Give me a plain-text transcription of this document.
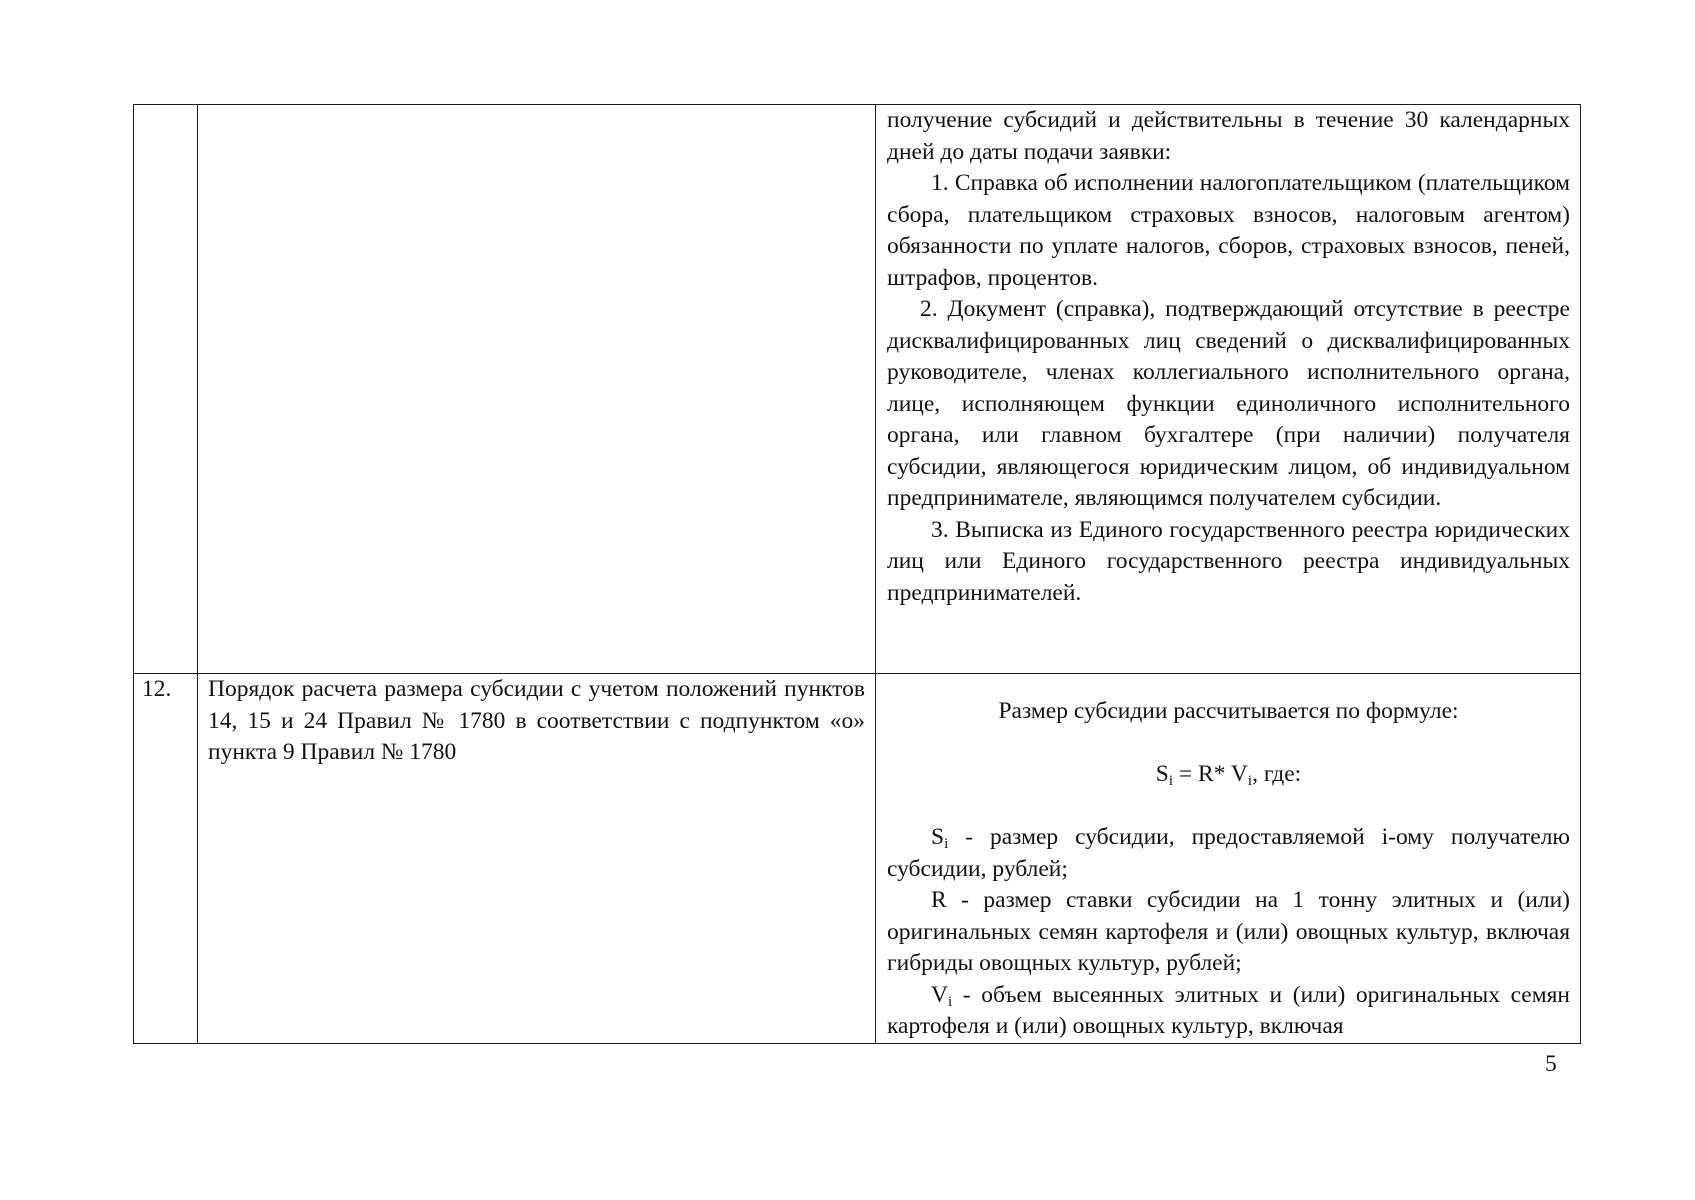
		получение субсидий и действительны в течение 30 календарных дней до даты подачи заявки:

1. Справка об исполнении налогоплательщиком (плательщиком сбора, плательщиком страховых взносов, налоговым агентом) обязанности по уплате налогов, сборов, страховых взносов, пеней, штрафов, процентов.

2. Документ (справка), подтверждающий отсутствие в реестре дисквалифицированных лиц сведений о дисквалифицированных руководителе, членах коллегиального исполнительного органа, лице, исполняющем функции единоличного исполнительного органа, или главном бухгалтере (при наличии) получателя субсидии, являющегося юридическим лицом, об индивидуальном предпринимателе, являющимся получателем субсидии.

3. Выписка из Единого государственного реестра юридических лиц или Единого государственного реестра индивидуальных предпринимателей.

12.	Порядок расчета размера субсидии с учетом положений пунктов 14, 15 и 24 Правил № 1780 в соответствии с подпунктом «о» пункта 9 Правил № 1780	Размер субсидии рассчитывается по формуле:

$S_i = R*$ $V_i$, где:

$S_i$ - размер субсидии, предоставляемой i-ому получателю субсидии, рублей;

R - размер ставки субсидии на 1 тонну элитных и (или) оригинальных семян картофеля и (или) овощных культур, включая гибриды овощных культур, рублей;

$V_i$ - объем высеянных элитных и (или) оригинальных семян картофеля и (или) овощных культур, включая

5
